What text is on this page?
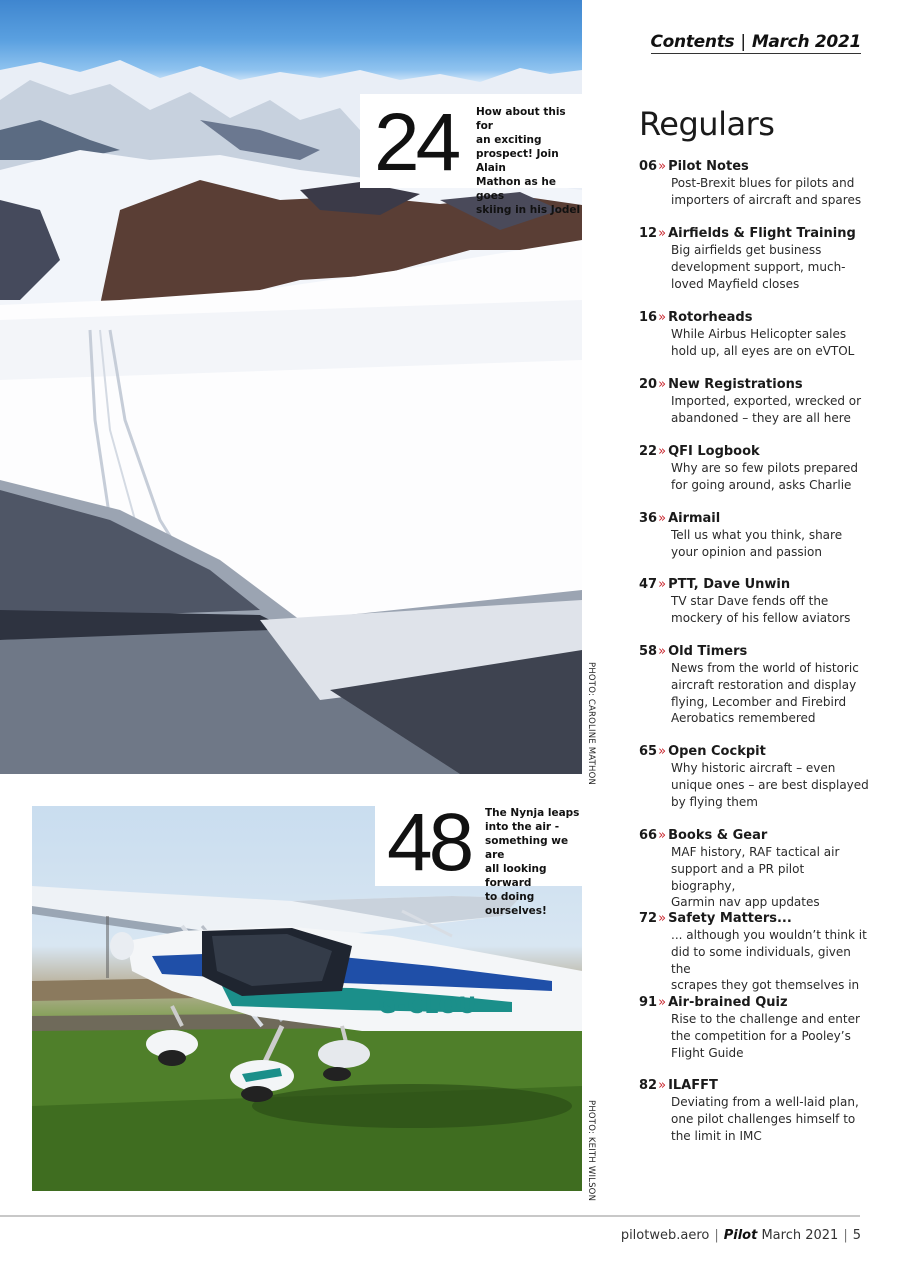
24 How about this for
an exciting
prospect! Join Alain
Mathon as he goes
skiing in his Jodel
PHOTO: CAROLINE MATHON
G-CLOU
48 The Nynja leaps
into the air -
something we are
all looking forward
to doing ourselves!
PHOTO: KEITH WILSON
Contents | March 2021
Regulars
06» Pilot Notes
Post-Brexit blues for pilots and
importers of aircraft and spares
12» Airfields & Flight Training
Big airfields get business
development support, much-
loved Mayfield closes
16» Rotorheads
While Airbus Helicopter sales
hold up, all eyes are on eVTOL
20» New Registrations
Imported, exported, wrecked or
abandoned – they are all here
22» QFI Logbook
Why are so few pilots prepared
for going around, asks Charlie
36» Airmail
Tell us what you think, share
your opinion and passion
47» PTT, Dave Unwin
TV star Dave fends off the
mockery of his fellow aviators
58» Old Timers
News from the world of historic
aircraft restoration and display
flying, Lecomber and Firebird
Aerobatics remembered
65» Open Cockpit
Why historic aircraft – even
unique ones – are best displayed
by flying them
66» Books & Gear
MAF history, RAF tactical air
support and a PR pilot biography,
Garmin nav app updates
72» Safety Matters...
... although you wouldn’t think it
did to some individuals, given the
scrapes they got themselves in
91» Air-brained Quiz
Rise to the challenge and enter
the competition for a Pooley’s
Flight Guide
82» ILAFFT
Deviating from a well-laid plan,
one pilot challenges himself to
the limit in IMC
pilotweb.aero | Pilot March 2021 | 5
